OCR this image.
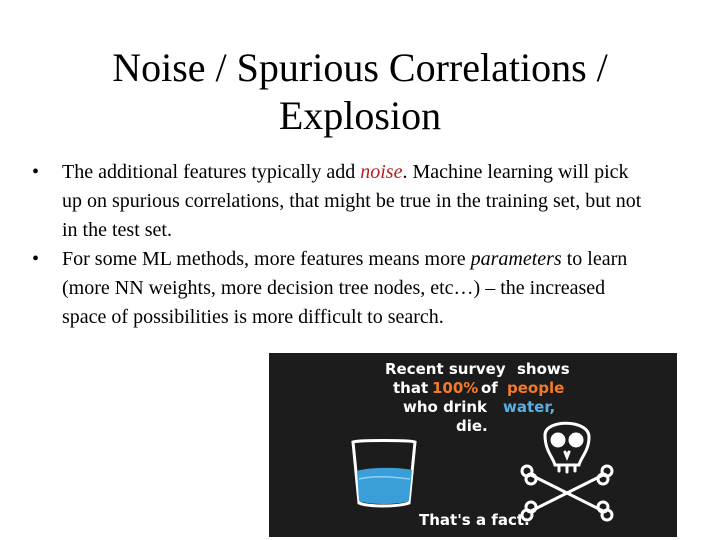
Noise / Spurious Correlations /
Explosion
•	The additional features typically add noise. Machine learning will pick up on spurious correlations, that might be true in the training set, but not in the test set.
•	For some ML methods, more features means more parameters to learn (more NN weights, more decision tree nodes, etc…) – the increased space of possibilities is more difficult to search.
Recent survey shows
that 100% of people
who drink water,
die.
That's a fact.
